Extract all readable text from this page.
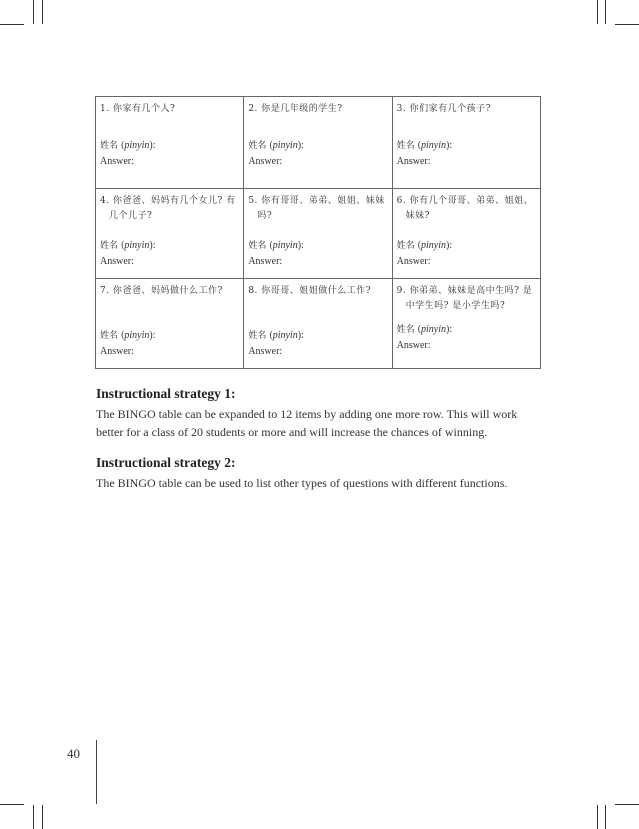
1. 你家有几个人?
姓名 (pinyin):
Answer:	2. 你是几年级的学生?
姓名 (pinyin):
Answer:	3. 你们家有几个孩子?
姓名 (pinyin):
Answer:

4. 你爸爸、妈妈有几个女儿? 有几个儿子?
姓名 (pinyin):
Answer:	5. 你有哥哥、弟弟、姐姐、妹妹吗?
姓名 (pinyin):
Answer:	6. 你有几个哥哥、弟弟、姐姐、妹妹?
姓名 (pinyin):
Answer:

7. 你爸爸、妈妈做什么工作?
姓名 (pinyin):
Answer:	8. 你哥哥、姐姐做什么工作?
姓名 (pinyin):
Answer:	9. 你弟弟、妹妹是高中生吗? 是中学生吗? 是小学生吗?
姓名 (pinyin):
Answer:

Instructional strategy 1:

The BINGO table can be expanded to 12 items by adding one more row. This will work better for a class of 20 students or more and will increase the chances of winning.

Instructional strategy 2:

The BINGO table can be used to list other types of questions with different functions.

40
